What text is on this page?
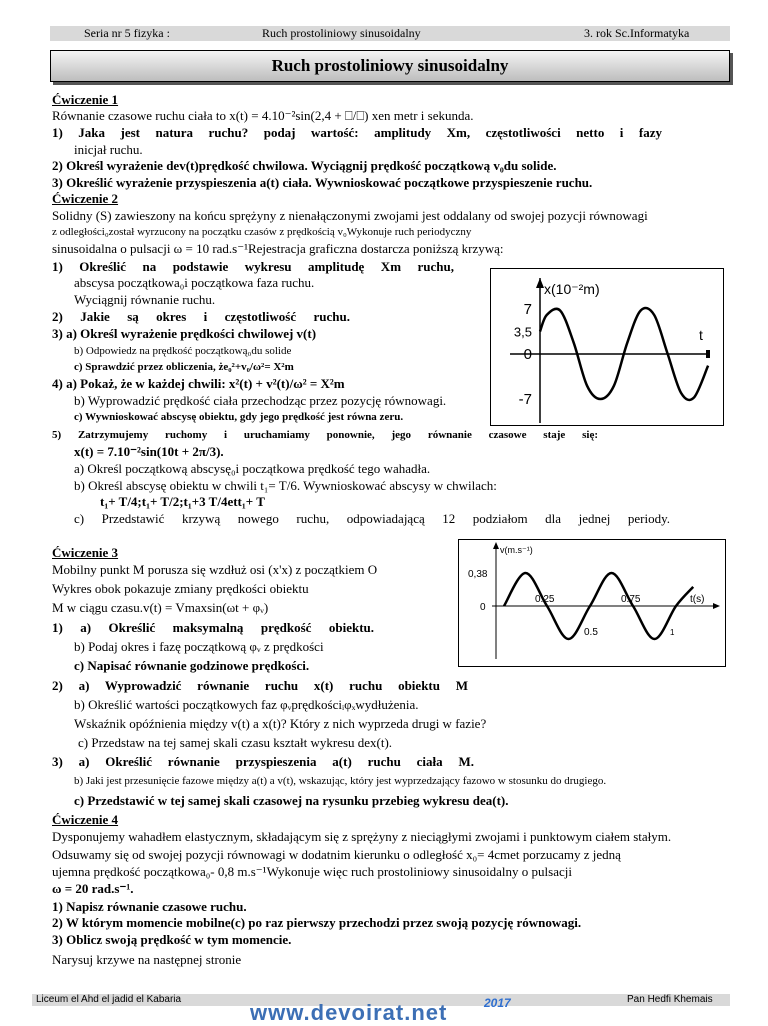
Seria nr 5 fizyka :	Ruch prostoliniowy sinusoidalny	3. rok Sc.Informatyka
Ruch prostoliniowy sinusoidalny
Ćwiczenie 1
Równanie czasowe ruchu ciała to x(t) = 4.10⁻²sin(2,4 + ⎕/⎕) xen metr i sekunda.
1) Jaka jest natura ruchu? podaj wartość: amplitudy Xm, częstotliwości netto i fazy
inicjał ruchu.
2) Określ wyrażenie dev(t)prędkość chwilowa. Wyciągnij prędkość początkową v₀du solide.
3) Określić wyrażenie przyspieszenia a(t) ciała. Wywnioskować początkowe przyspieszenie ruchu.
Ćwiczenie 2
Solidny (S) zawieszony na końcu sprężyny z nienałączonymi zwojami jest oddalany od swojej pozycji równowagi
z odległości₀został wyrzucony na początku czasów z prędkością v₀Wykonuje ruch periodyczny
sinusoidalna o pulsacji ω = 10 rad.s⁻¹Rejestracja graficzna dostarcza poniższą krzywą:
1) Określić na podstawie wykresu amplitudę Xm ruchu,
abscysa początkowa₀i początkowa faza ruchu.
Wyciągnij równanie ruchu.
2) Jakie są okres i częstotliwość ruchu.
3) a) Określ wyrażenie prędkości chwilowej v(t)
b) Odpowiedz na prędkość początkową₀du solide
c) Sprawdzić przez obliczenia, że₀²+v₀/ω²= X²m
4) a) Pokaż, że w każdej chwili: x²(t) + v²(t)/ω² = X²m
b) Wyprowadzić prędkość ciała przechodząc przez pozycję równowagi.
c) Wywnioskować abscysę obiektu, gdy jego prędkość jest równa zeru.
5) Zatrzymujemy ruchomy i uruchamiamy ponownie, jego równanie czasowe staje się:
x(t) = 7.10⁻²sin(10t + 2π/3).
a) Określ początkową abscysę₀i początkowa prędkość tego wahadła.
b) Określ abscysę obiektu w chwili t₁= T/6. Wywnioskować abscysy w chwilach:
t₁+ T/4;t₁+ T/2;t₁+3 T/4ett₁+ T
c) Przedstawić krzywą nowego ruchu, odpowiadającą 12 podziałom dla jednej periody.
Ćwiczenie 3
Mobilny punkt M porusza się wzdłuż osi (x'x) z początkiem O
Wykres obok pokazuje zmiany prędkości obiektu
M w ciągu czasu.v(t) = Vmaxsin(ωt + φᵥ)
1) a) Określić maksymalną prędkość obiektu.
b) Podaj okres i fazę początkową φᵥ z prędkości
c) Napisać równanie godzinowe prędkości.
2) a) Wyprowadzić równanie ruchu x(t) ruchu obiektu M
b) Określić wartości początkowych faz φᵥprędkościᵢφₓwydłużenia.
Wskaźnik opóźnienia między v(t) a x(t)? Który z nich wyprzeda drugi w fazie?
c) Przedstaw na tej samej skali czasu kształt wykresu dex(t).
3) a) Określić równanie przyspieszenia a(t) ruchu ciała M.
b) Jaki jest przesunięcie fazowe między a(t) a v(t), wskazując, który jest wyprzedzający fazowo w stosunku do drugiego.
c) Przedstawić w tej samej skali czasowej na rysunku przebieg wykresu dea(t).
Ćwiczenie 4
Dysponujemy wahadłem elastycznym, składającym się z sprężyny z nieciągłymi zwojami i punktowym ciałem stałym.
Odsuwamy się od swojej pozycji równowagi w dodatnim kierunku o odległość x₀= 4cmet porzucamy z jedną
ujemna prędkość początkowa₀- 0,8 m.s⁻¹Wykonuje więc ruch prostoliniowy sinusoidalny o pulsacji
ω = 20 rad.s⁻¹.
1) Napisz równanie czasowe ruchu.
2) W którym momencie mobilne(c) po raz pierwszy przechodzi przez swoją pozycję równowagi.
3) Oblicz swoją prędkość w tym momencie.
Narysuj krzywe na następnej stronie
x(10⁻²m)
t
7
3,5
0
-7
v(m.s⁻¹)
t(s)
0,38
0
0.25
0.5
0.75
1
Liceum el Ahd el jadid el Kabaria	Pan Hedfi Khemais
2017
www.devoirat.net
